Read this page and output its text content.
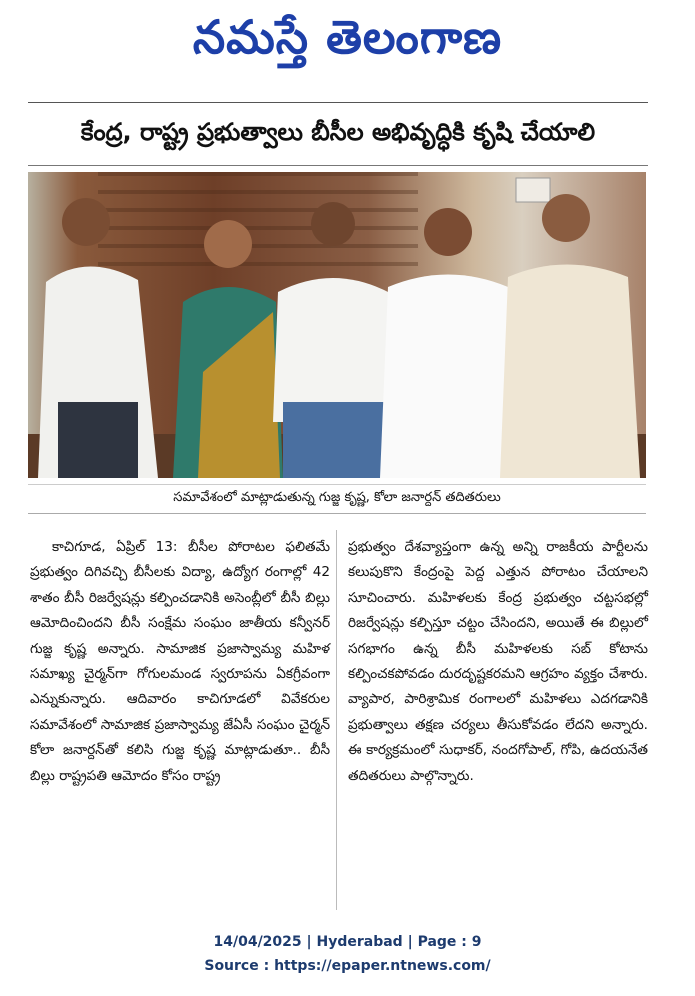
నమస్తే తెలంగాణ
కేంద్ర, రాష్ట్ర ప్రభుత్వాలు బీసీల అభివృద్ధికి కృషి చేయాలి
సమావేశంలో మాట్లాడుతున్న గుజ్జ కృష్ణ, కోలా జనార్దన్ తదితరులు

కాచిగూడ, ఏప్రిల్ 13: బీసీల పోరాటల ఫలితమే ప్రభుత్వం దిగివచ్చి బీసీలకు విద్యా, ఉద్యోగ రంగాల్లో 42 శాతం బీసీ రిజర్వేషన్లు కల్పించడానికి అసెంబ్లీలో బీసీ బిల్లు ఆమోదించిందని బీసీ సంక్షేమ సంఘం జాతీయ కన్వీనర్ గుజ్జ కృష్ణ అన్నారు. సామాజిక ప్రజాస్వామ్య మహిళ సమాఖ్య చైర్మన్‌గా గోగులమండ స్వరూపను ఏకగ్రీవంగా ఎన్నుకున్నారు. ఆదివారం కాచిగూడలో వివేకరుల సమావేశంలో సామాజిక ప్రజాస్వామ్య జేఏసీ సంఘం చైర్మన్ కోలా జనార్దన్‌తో కలిసి గుజ్జ కృష్ణ మాట్లాడుతూ.. బీసీ బిల్లు రాష్ట్రపతి ఆమోదం కోసం రాష్ట్ర

ప్రభుత్వం దేశవ్యాప్తంగా ఉన్న అన్ని రాజకీయ పార్టీలను కలుపుకొని కేంద్రంపై పెద్ద ఎత్తున పోరాటం చేయాలని సూచించారు. మహిళలకు కేంద్ర ప్రభుత్వం చట్టసభల్లో రిజర్వేషన్లు కల్పిస్తూ చట్టం చేసిందని, అయితే ఈ బిల్లులో సగభాగం ఉన్న బీసీ మహిళలకు సబ్ కోటాను కల్పించకపోవడం దురదృష్టకరమని ఆగ్రహం వ్యక్తం చేశారు. వ్యాపార, పారిశ్రామిక రంగాలలో మహిళలు ఎదగడానికి ప్రభుత్వాలు తక్షణ చర్యలు తీసుకోవడం లేదని అన్నారు. ఈ కార్యక్రమంలో సుధాకర్, నందగోపాల్, గోపి, ఉదయనేత తదితరులు పాల్గొన్నారు.

14/04/2025 | Hyderabad | Page : 9
Source : https://epaper.ntnews.com/
